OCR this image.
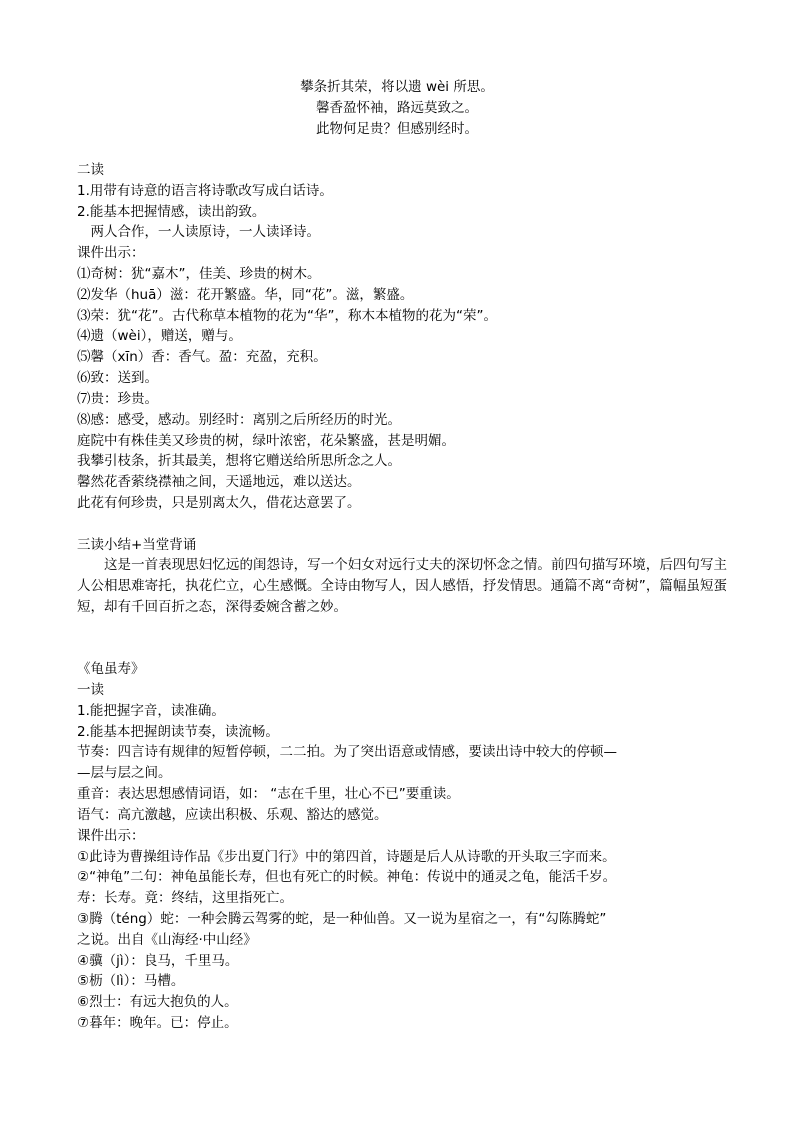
攀条折其荣，将以遗 wèi 所思。
馨香盈怀袖，路远莫致之。
此物何足贵？但感别经时。
二读
1.用带有诗意的语言将诗歌改写成白话诗。
2.能基本把握情感，读出韵致。
两人合作，一人读原诗，一人读译诗。
课件出示：
⑴奇树：犹“嘉木”，佳美、珍贵的树木。
⑵发华（huā）滋：花开繁盛。华，同“花”。滋，繁盛。
⑶荣：犹“花”。古代称草本植物的花为“华”，称木本植物的花为“荣”。
⑷遗（wèi），赠送，赠与。
⑸馨（xīn）香：香气。盈：充盈，充积。
⑹致：送到。
⑺贵：珍贵。
⑻感：感受，感动。别经时：离别之后所经历的时光。
庭院中有株佳美又珍贵的树，绿叶浓密，花朵繁盛，甚是明媚。
我攀引枝条，折其最美，想将它赠送给所思所念之人。
馨然花香萦绕襟袖之间，天遥地远，难以送达。
此花有何珍贵，只是别离太久，借花达意罢了。
三读小结+当堂背诵
这是一首表现思妇忆远的闺怨诗，写一个妇女对远行丈夫的深切怀念之情。前四句描写环境，后四句写主人公相思难寄托，执花伫立，心生感慨。全诗由物写人，因人感悟，抒发情思。通篇不离“奇树”，篇幅虽短蛋短，却有千回百折之态，深得委婉含蓄之妙。
《龟虽寿》
一读
1.能把握字音，读准确。
2.能基本把握朗读节奏，读流畅。
节奏：四言诗有规律的短暂停顿，二二拍。为了突出语意或情感，要读出诗中较大的停顿—
—层与层之间。
重音：表达思想感情词语，如： “志在千里，壮心不已”要重读。
语气：高亢激越，应读出积极、乐观、豁达的感觉。
课件出示：
①此诗为曹操组诗作品《步出夏门行》中的第四首，诗题是后人从诗歌的开头取三字而来。
②“神龟”二句：神龟虽能长寿，但也有死亡的时候。神龟：传说中的通灵之龟，能活千岁。
寿：长寿。竟：终结，这里指死亡。
③腾（téng）蛇：一种会腾云驾雾的蛇，是一种仙兽。又一说为星宿之一，有“勾陈腾蛇”
之说。出自《山海经·中山经》
④骥（jì）：良马，千里马。
⑤枥（lì）：马槽。
⑥烈士：有远大抱负的人。
⑦暮年：晚年。已：停止。
